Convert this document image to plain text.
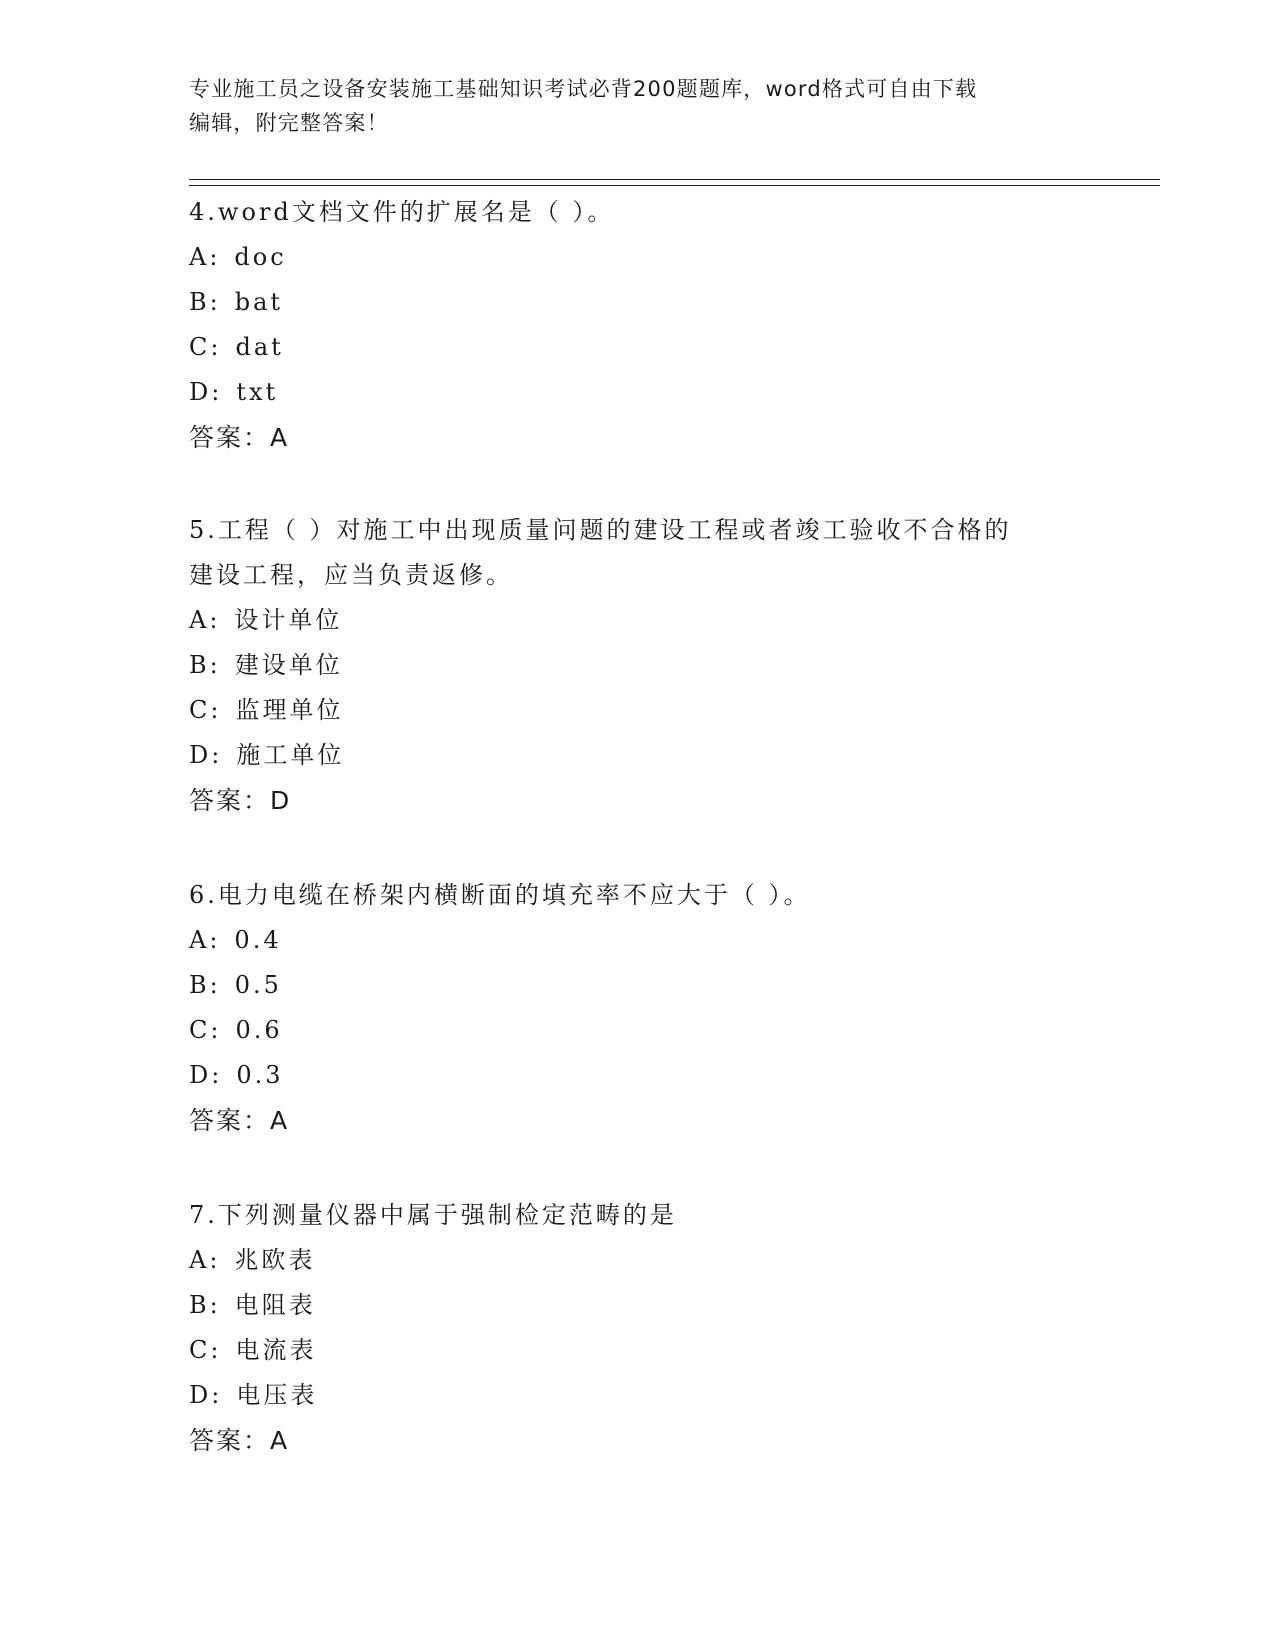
专业施工员之设备安装施工基础知识考试必背200题题库，word格式可自由下载
编辑，附完整答案！

4.word文档文件的扩展名是（ ）。

A: doc

B: bat

C: dat

D: txt

答案：A

5.工程（ ）对施工中出现质量问题的建设工程或者竣工验收不合格的

建设工程，应当负责返修。

A: 设计单位

B: 建设单位

C: 监理单位

D: 施工单位

答案：D

6.电力电缆在桥架内横断面的填充率不应大于（ ）。

A: 0.4

B: 0.5

C: 0.6

D: 0.3

答案：A

7.下列测量仪器中属于强制检定范畴的是

A: 兆欧表

B: 电阻表

C: 电流表

D: 电压表

答案：A
